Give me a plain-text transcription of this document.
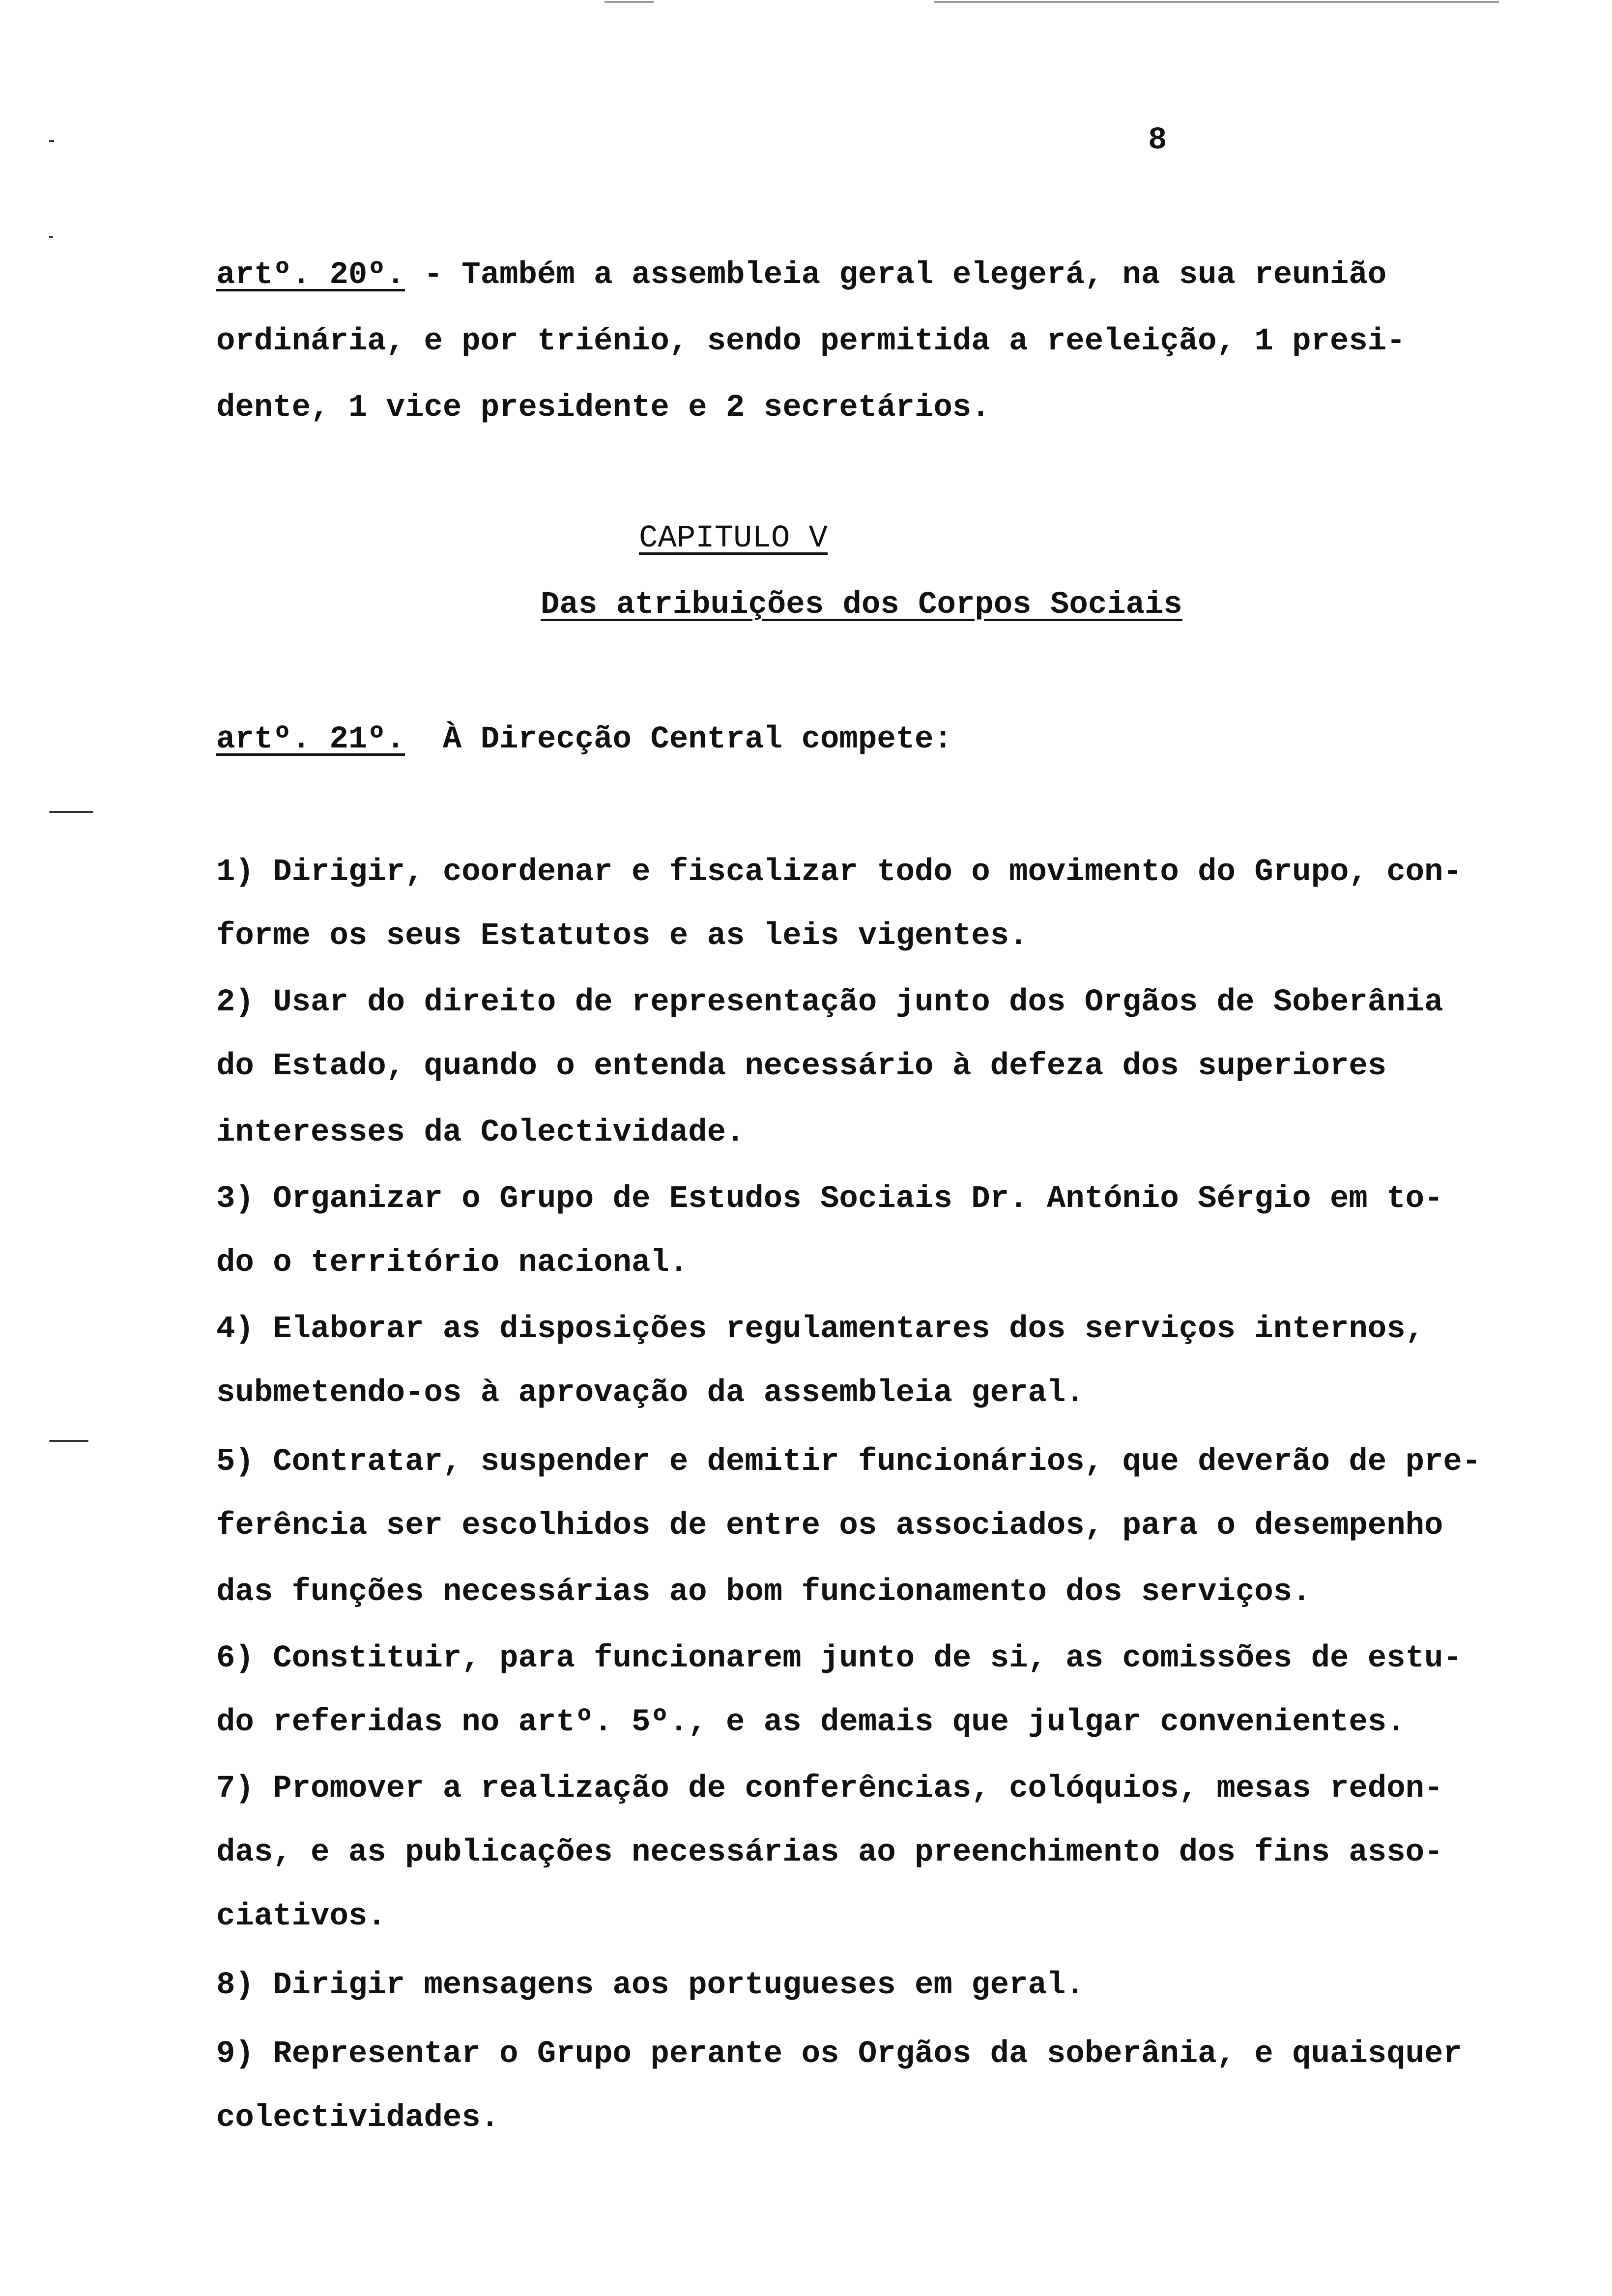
8
artº. 20º. - Também a assembleia geral elegerá, na sua reunião
ordinária, e por triénio, sendo permitida a reeleição, 1 presi-
dente, 1 vice presidente e 2 secretários.
CAPITULO V
Das atribuições dos Corpos Sociais
artº. 21º. À Direcção Central compete:
1) Dirigir, coordenar e fiscalizar todo o movimento do Grupo, con-
forme os seus Estatutos e as leis vigentes.
2) Usar do direito de representação junto dos Orgãos de Soberânia
do Estado, quando o entenda necessário à defeza dos superiores
interesses da Colectividade.
3) Organizar o Grupo de Estudos Sociais Dr. António Sérgio em to-
do o território nacional.
4) Elaborar as disposições regulamentares dos serviços internos,
submetendo-os à aprovação da assembleia geral.
5) Contratar, suspender e demitir funcionários, que deverão de pre-
ferência ser escolhidos de entre os associados, para o desempenho
das funções necessárias ao bom funcionamento dos serviços.
6) Constituir, para funcionarem junto de si, as comissões de estu-
do referidas no artº. 5º., e as demais que julgar convenientes.
7) Promover a realização de conferências, colóquios, mesas redon-
das, e as publicações necessárias ao preenchimento dos fins asso-
ciativos.
8) Dirigir mensagens aos portugueses em geral.
9) Representar o Grupo perante os Orgãos da soberânia, e quaisquer
colectividades.
